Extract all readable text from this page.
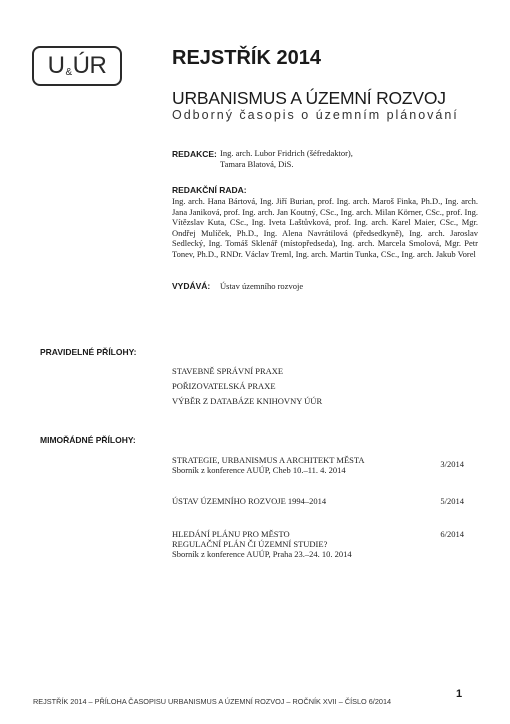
U&ÚR	REJSTŘÍK 2014
URBANISMUS A ÚZEMNÍ ROZVOJ
Odborný časopis o územním plánování
REDAKCE: Ing. arch. Lubor Fridrich (šéfredaktor),
Tamara Blatová, DiS.
REDAKČNÍ RADA:
Ing. arch. Hana Bártová, Ing. Jiří Burian, prof. Ing. arch. Maroš Finka, Ph.D., Ing. arch. Jana Janiková, prof. Ing. arch. Jan Koutný, CSc., Ing. arch. Milan Körner, CSc., prof. Ing. Vítězslav Kuta, CSc., Ing. Iveta Laštůvková, prof. Ing. arch. Karel Maier, CSc., Mgr. Ondřej Mulíček, Ph.D., Ing. Alena Navrátilová (předsedkyně), Ing. arch. Jaroslav Sedlecký, Ing. Tomáš Sklenář (místopředseda), Ing. arch. Marcela Smolová, Mgr. Petr Tonev, Ph.D., RNDr. Václav Treml, Ing. arch. Martin Tunka, CSc., Ing. arch. Jakub Vorel
VYDÁVÁ: Ústav územního rozvoje
PRAVIDELNÉ PŘÍLOHY:
STAVEBNĚ SPRÁVNÍ PRAXE
POŘIZOVATELSKÁ PRAXE
VÝBĚR Z DATABÁZE KNIHOVNY ÚÚR
MIMOŘÁDNÉ PŘÍLOHY:
STRATEGIE, URBANISMUS A ARCHITEKT MĚSTA
Sborník z konference AUÚP, Cheb 10.–11. 4. 2014
3/2014
ÚSTAV ÚZEMNÍHO ROZVOJE 1994–2014	5/2014
HLEDÁNÍ PLÁNU PRO MĚSTO
REGULAČNÍ PLÁN ČI ÚZEMNÍ STUDIE?
Sborník z konference AUÚP, Praha 23.–24. 10. 2014
6/2014
REJSTŘÍK 2014 – PŘÍLOHA ČASOPISU URBANISMUS A ÚZEMNÍ ROZVOJ – ROČNÍK XVII – ČÍSLO 6/2014
1
